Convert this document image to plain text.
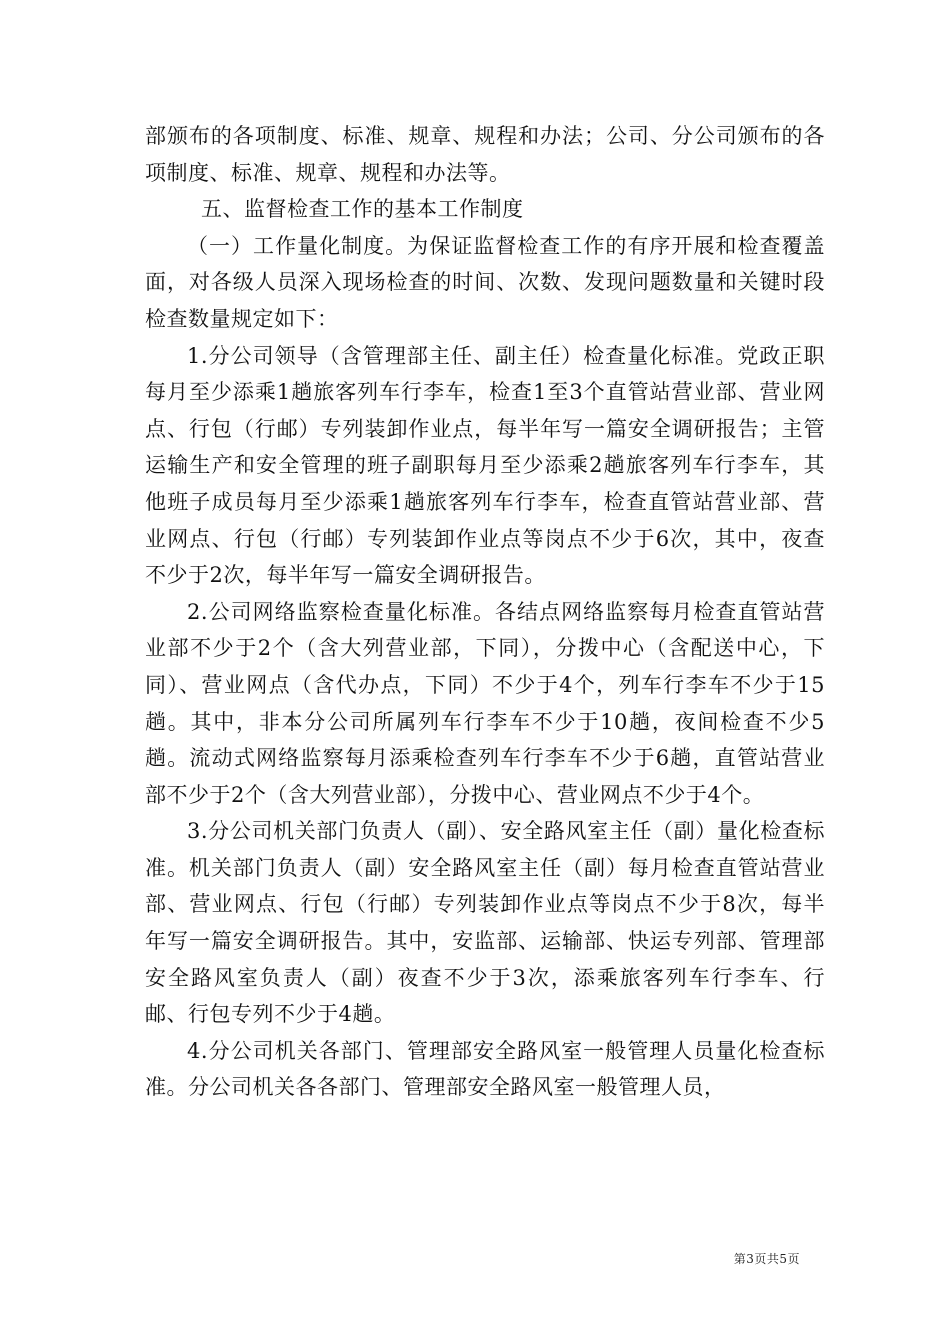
部颁布的各项制度、标准、规章、规程和办法；公司、分公司颁布的各项制度、标准、规章、规程和办法等。

五、监督检查工作的基本工作制度

（一）工作量化制度。为保证监督检查工作的有序开展和检查覆盖面，对各级人员深入现场检查的时间、次数、发现问题数量和关键时段检查数量规定如下：

1.分公司领导（含管理部主任、副主任）检查量化标准。党政正职每月至少添乘1趟旅客列车行李车，检查1至3个直管站营业部、营业网点、行包（行邮）专列装卸作业点，每半年写一篇安全调研报告；主管运输生产和安全管理的班子副职每月至少添乘2趟旅客列车行李车，其他班子成员每月至少添乘1趟旅客列车行李车，检查直管站营业部、营业网点、行包（行邮）专列装卸作业点等岗点不少于6次，其中，夜查不少于2次，每半年写一篇安全调研报告。

2.公司网络监察检查量化标准。各结点网络监察每月检查直管站营业部不少于2个（含大列营业部，下同），分拨中心（含配送中心，下同）、营业网点（含代办点，下同）不少于4个，列车行李车不少于15趟。其中，非本分公司所属列车行李车不少于10趟，夜间检查不少5趟。流动式网络监察每月添乘检查列车行李车不少于6趟，直管站营业部不少于2个（含大列营业部），分拨中心、营业网点不少于4个。

3.分公司机关部门负责人（副）、安全路风室主任（副）量化检查标准。机关部门负责人（副）安全路风室主任（副）每月检查直管站营业部、营业网点、行包（行邮）专列装卸作业点等岗点不少于8次，每半年写一篇安全调研报告。其中，安监部、运输部、快运专列部、管理部安全路风室负责人（副）夜查不少于3次，添乘旅客列车行李车、行邮、行包专列不少于4趟。

4.分公司机关各部门、管理部安全路风室一般管理人员量化检查标准。分公司机关各各部门、管理部安全路风室一般管理人员，

第3页共5页
